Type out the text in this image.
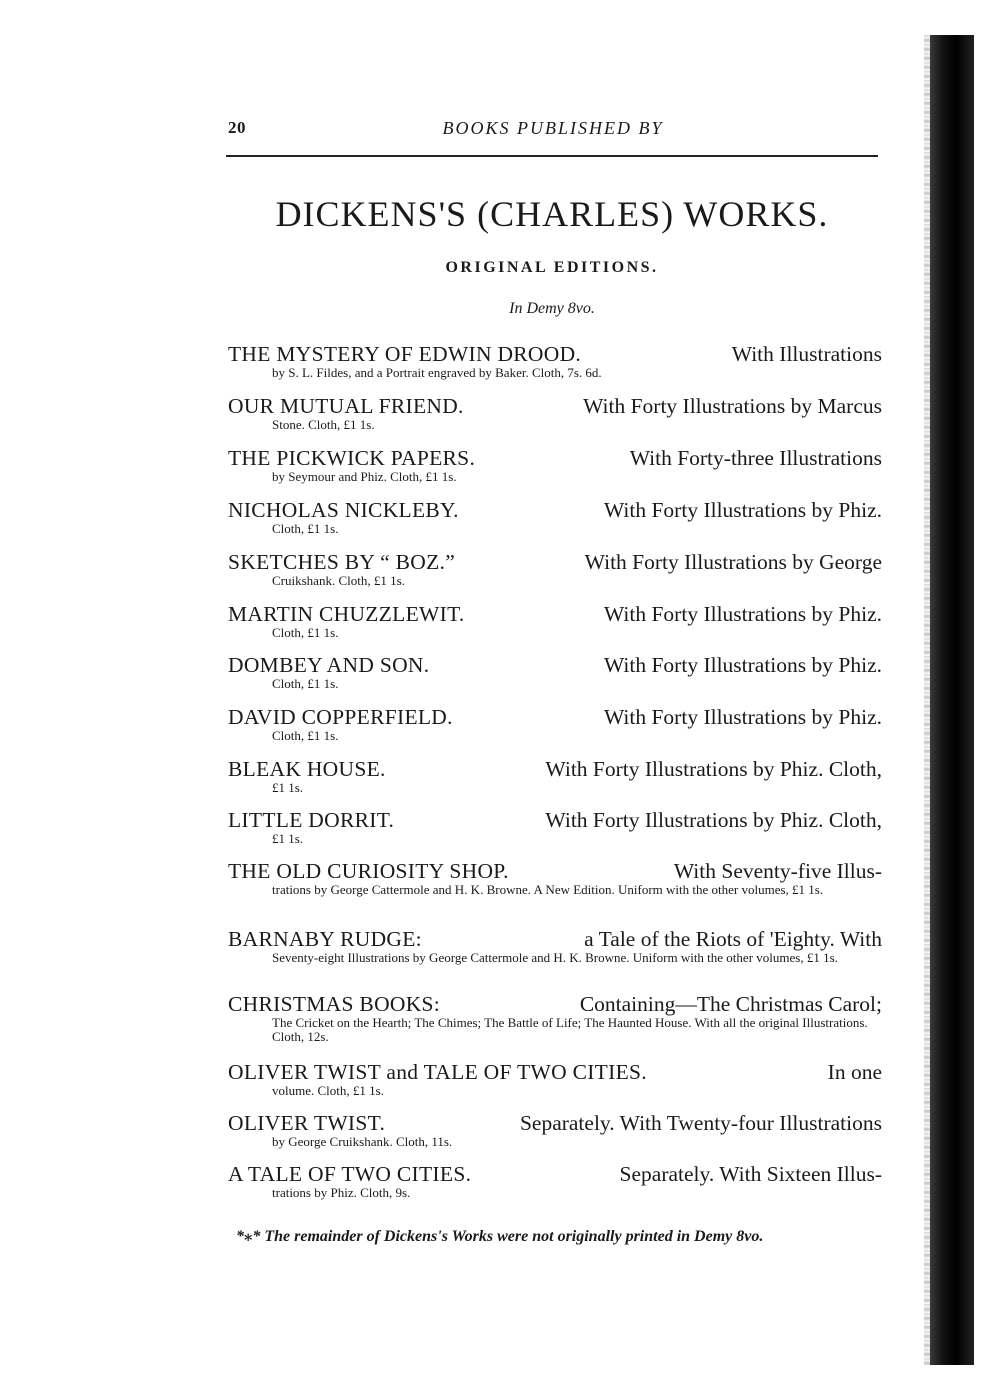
20	BOOKS PUBLISHED BY
DICKENS'S (CHARLES) WORKS.
ORIGINAL EDITIONS.
In Demy 8vo.
THE MYSTERY OF EDWIN DROOD.	With Illustrations
by S. L. Fildes, and a Portrait engraved by Baker. Cloth, 7s. 6d.
OUR MUTUAL FRIEND.	With Forty Illustrations by Marcus
Stone. Cloth, £1 1s.
THE PICKWICK PAPERS.	With Forty-three Illustrations
by Seymour and Phiz. Cloth, £1 1s.
NICHOLAS NICKLEBY.	With Forty Illustrations by Phiz.
Cloth, £1 1s.
SKETCHES BY “ BOZ.”	With Forty Illustrations by George
Cruikshank. Cloth, £1 1s.
MARTIN CHUZZLEWIT.	With Forty Illustrations by Phiz.
Cloth, £1 1s.
DOMBEY AND SON.	With Forty Illustrations by Phiz.
Cloth, £1 1s.
DAVID COPPERFIELD.	With Forty Illustrations by Phiz.
Cloth, £1 1s.
BLEAK HOUSE.	With Forty Illustrations by Phiz. Cloth,
£1 1s.
LITTLE DORRIT.	With Forty Illustrations by Phiz. Cloth,
£1 1s.
THE OLD CURIOSITY SHOP.	With Seventy-five Illus-
trations by George Cattermole and H. K. Browne. A New Edition. Uniform with the other volumes, £1 1s.
BARNABY RUDGE:	a Tale of the Riots of 'Eighty. With
Seventy-eight Illustrations by George Cattermole and H. K. Browne. Uniform with the other volumes, £1 1s.
CHRISTMAS BOOKS:	Containing—The Christmas Carol;
The Cricket on the Hearth; The Chimes; The Battle of Life; The Haunted House. With all the original Illustrations. Cloth, 12s.
OLIVER TWIST and TALE OF TWO CITIES.	In one
volume. Cloth, £1 1s.
OLIVER TWIST.	Separately. With Twenty-four Illustrations
by George Cruikshank. Cloth, 11s.
A TALE OF TWO CITIES.	Separately. With Sixteen Illus-
trations by Phiz. Cloth, 9s.
*⁎* The remainder of Dickens's Works were not originally printed in Demy 8vo.
